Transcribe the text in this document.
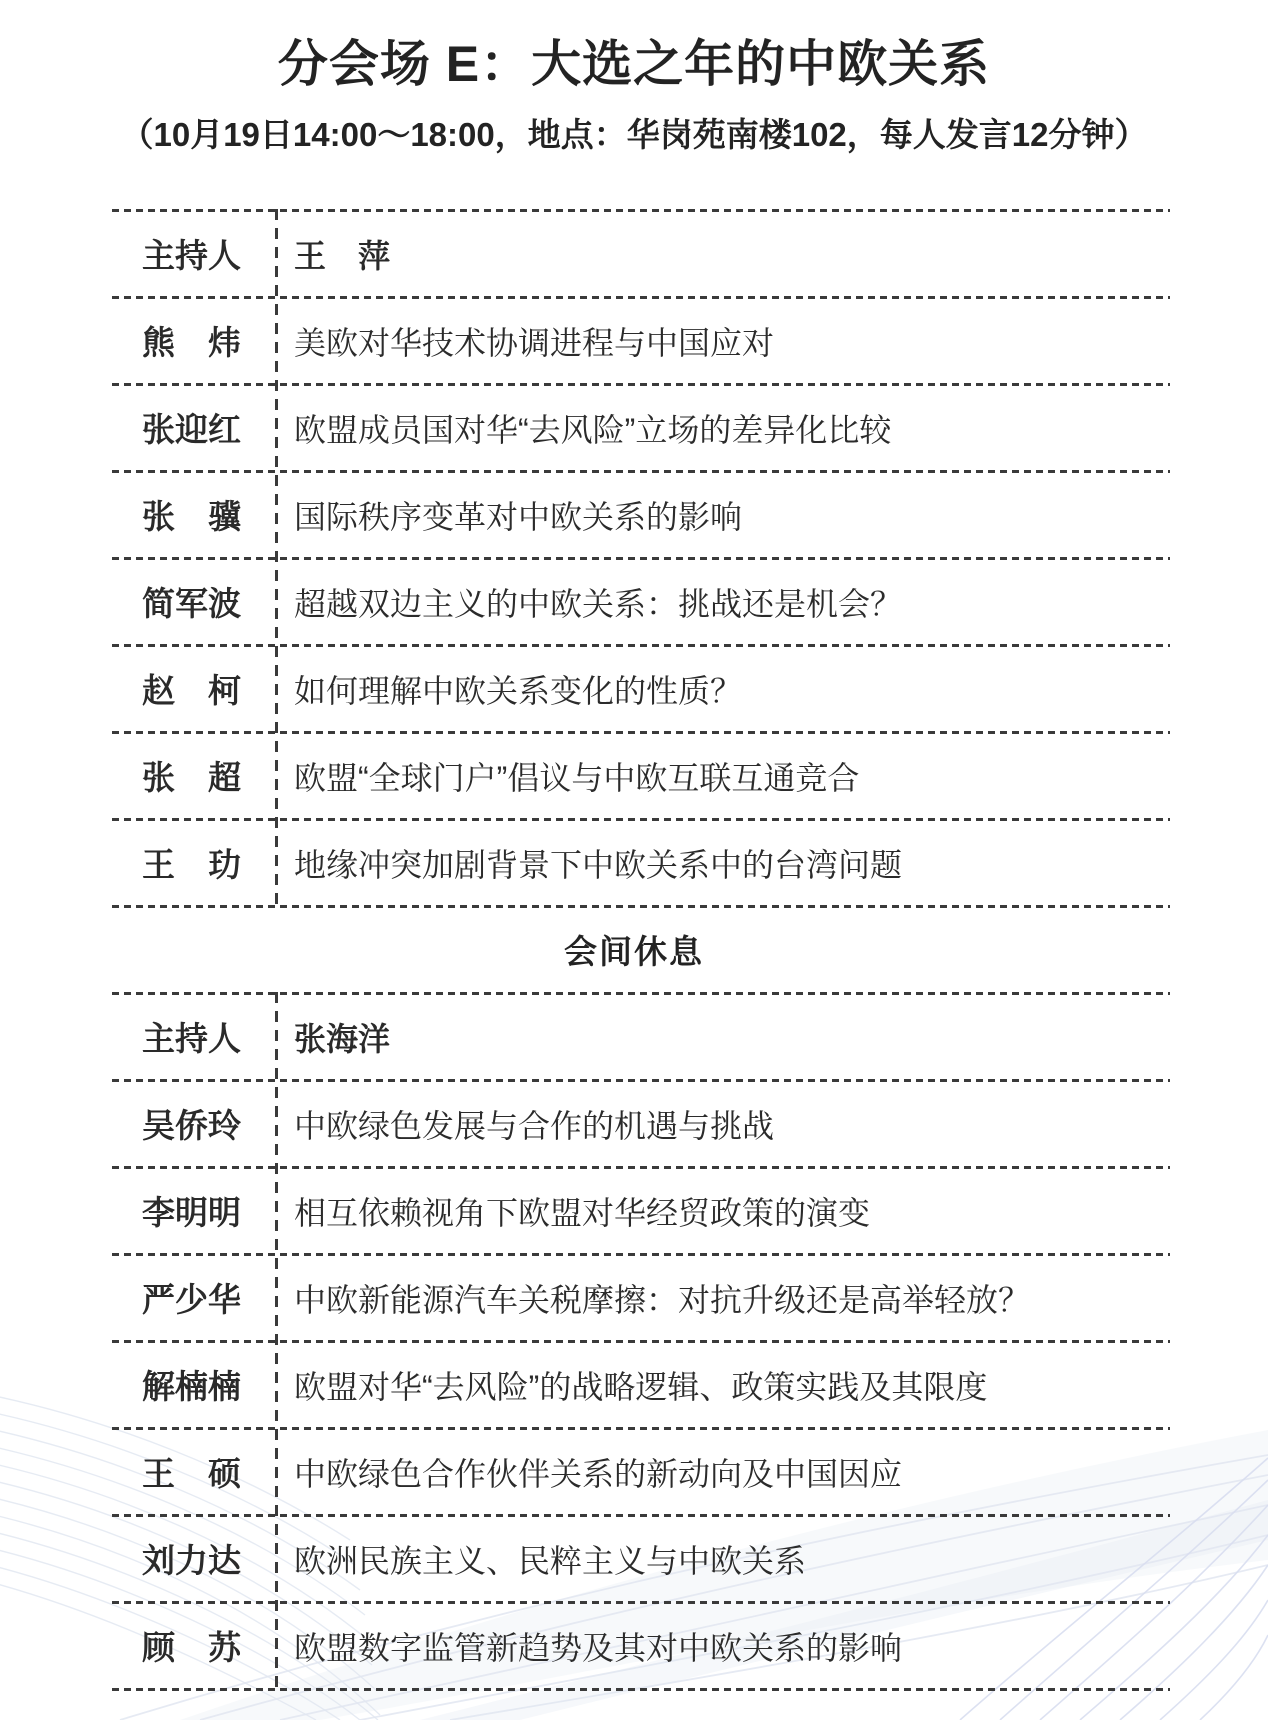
分会场 E：大选之年的中欧关系
（10月19日14:00～18:00，地点：华岗苑南楼102，每人发言12分钟）
主持人	王　萍
熊　炜	美欧对华技术协调进程与中国应对
张迎红	欧盟成员国对华“去风险”立场的差异化比较
张　骥	国际秩序变革对中欧关系的影响
简军波	超越双边主义的中欧关系：挑战还是机会？
赵　柯	如何理解中欧关系变化的性质？
张　超	欧盟“全球门户”倡议与中欧互联互通竞合
王　玏	地缘冲突加剧背景下中欧关系中的台湾问题
会间休息
主持人	张海洋
吴侨玲	中欧绿色发展与合作的机遇与挑战
李明明	相互依赖视角下欧盟对华经贸政策的演变
严少华	中欧新能源汽车关税摩擦：对抗升级还是高举轻放？
解楠楠	欧盟对华“去风险”的战略逻辑、政策实践及其限度
王　硕	中欧绿色合作伙伴关系的新动向及中国因应
刘力达	欧洲民族主义、民粹主义与中欧关系
顾　苏	欧盟数字监管新趋势及其对中欧关系的影响
